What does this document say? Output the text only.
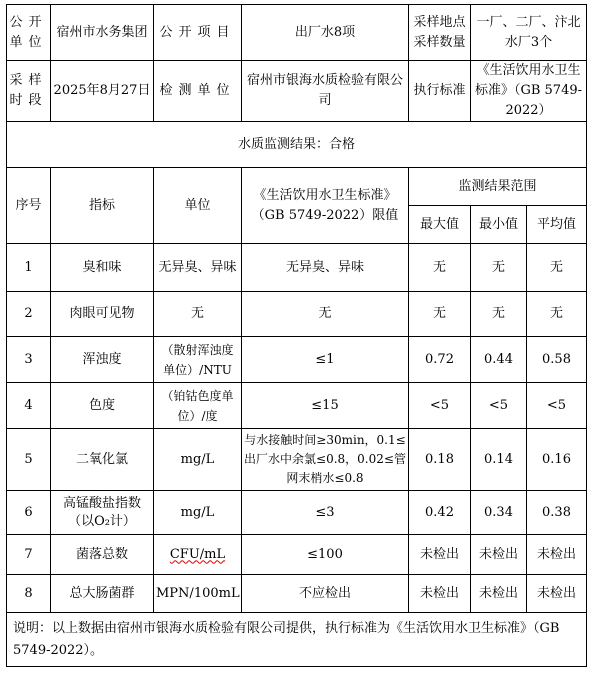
公开单位	宿州市水务集团	公开项目	出厂水8项	采样地点采样数量	一厂、二厂、汴北水厂3个	
采样时段	2025年8月27日	检测单位	宿州市银海水质检验有限公司	执行标准	《生活饮用水卫生标准》（GB 5749-2022）	
水质监测结果：合格						
序号	指标	单位	《生活饮用水卫生标准》（GB 5749-2022）限值	监测结果范围		
				最大值	最小值	平均值
1	臭和味	无异臭、异味	无异臭、异味	无	无	无
2	肉眼可见物	无	无	无	无	无
3	浑浊度	（散射浑浊度单位）/NTU	≤1	0.72	0.44	0.58
4	色度	（铂钴色度单位）/度	≤15	<5	<5	<5
5	二氧化氯	mg/L	与水接触时间≥30min，0.1≤出厂水中余氯≤0.8，0.02≤管网末梢水≤0.8	0.18	0.14	0.16
6	高锰酸盐指数（以O₂计）	mg/L	≤3	0.42	0.34	0.38
7	菌落总数	CFU/mL	≤100	未检出	未检出	未检出
8	总大肠菌群	MPN/100mL	不应检出	未检出	未检出	未检出
说明：以上数据由宿州市银海水质检验有限公司提供，执行标准为《生活饮用水卫生标准》（GB 5749-2022）。						
